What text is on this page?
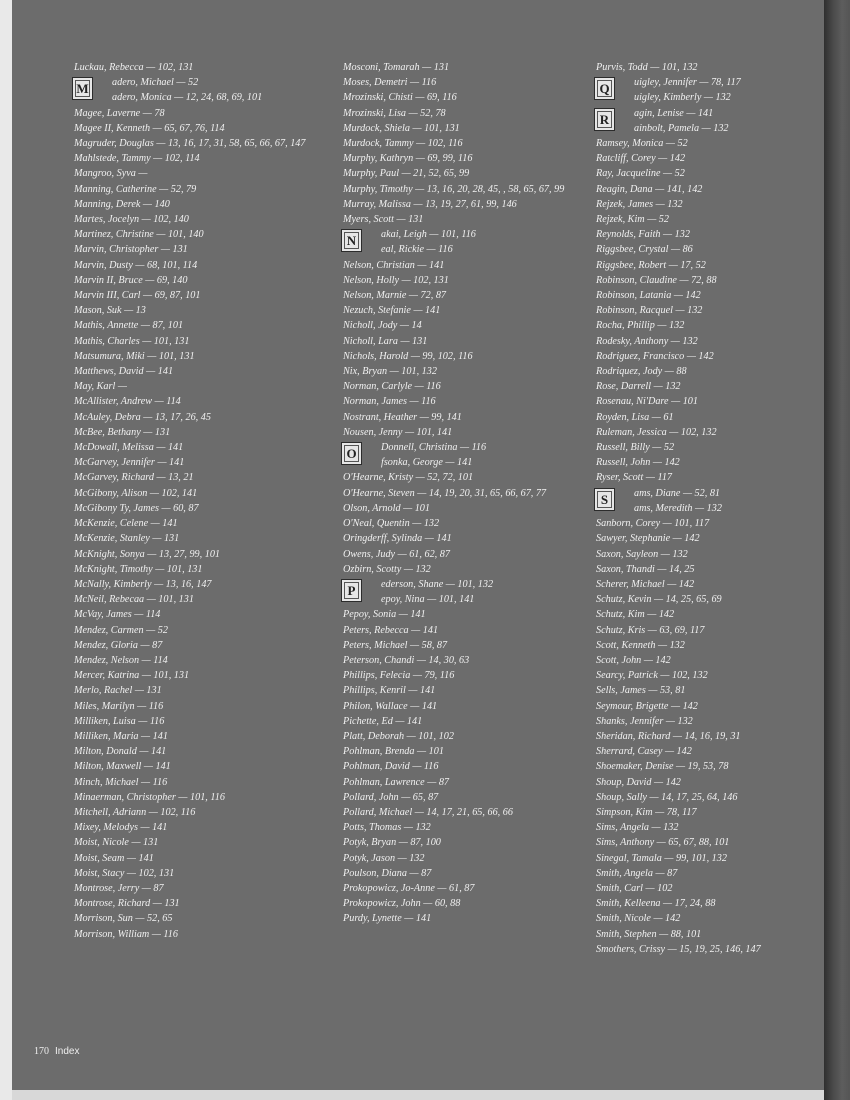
Luckau, Rebecca — 102, 131
M	adero, Michael — 52
adero, Monica — 12, 24, 68, 69, 101
Magee, Laverne — 78
Magee II, Kenneth — 65, 67, 76, 114
Magruder, Douglas — 13, 16, 17, 31, 58, 65, 66, 67, 147
Mahlstede, Tammy — 102, 114
Mangroo, Syva —
Manning, Catherine — 52, 79
Manning, Derek — 140
Martes, Jocelyn — 102, 140
Martinez, Christine — 101, 140
Marvin, Christopher — 131
Marvin, Dusty — 68, 101, 114
Marvin II, Bruce — 69, 140
Marvin III, Carl — 69, 87, 101
Mason, Suk — 13
Mathis, Annette — 87, 101
Mathis, Charles — 101, 131
Matsumura, Miki — 101, 131
Matthews, David — 141
May, Karl —
McAllister, Andrew — 114
McAuley, Debra — 13, 17, 26, 45
McBee, Bethany — 131
McDowall, Melissa — 141
McGarvey, Jennifer — 141
McGarvey, Richard — 13, 21
McGibony, Alison — 102, 141
McGibony Ty, James — 60, 87
McKenzie, Celene — 141
McKenzie, Stanley — 131
McKnight, Sonya — 13, 27, 99, 101
McKnight, Timothy — 101, 131
McNally, Kimberly — 13, 16, 147
McNeil, Rebecaa — 101, 131
McVay, James — 114
Mendez, Carmen — 52
Mendez, Gloria — 87
Mendez, Nelson — 114
Mercer, Katrina — 101, 131
Merlo, Rachel — 131
Miles, Marilyn — 116
Milliken, Luisa — 116
Milliken, Maria — 141
Milton, Donald — 141
Milton, Maxwell — 141
Minch, Michael — 116
Minaerman, Christopher — 101, 116
Mitchell, Adriann — 102, 116
Mixey, Melodys — 141
Moist, Nicole — 131
Moist, Seam — 141
Moist, Stacy — 102, 131
Montrose, Jerry — 87
Montrose, Richard — 131
Morrison, Sun — 52, 65
Morrison, William — 116
Mosconi, Tomarah — 131
Moses, Demetri — 116
Mrozinski, Chisti — 69, 116
Mrozinski, Lisa — 52, 78
Murdock, Shiela — 101, 131
Murdock, Tammy — 102, 116
Murphy, Kathryn — 69, 99, 116
Murphy, Paul — 21, 52, 65, 99
Murphy, Timothy — 13, 16, 20, 28, 45, , 58, 65, 67, 99
Murray, Malissa — 13, 19, 27, 61, 99, 146
Myers, Scott — 131
N	akai, Leigh — 101, 116
eal, Rickie — 116
Nelson, Christian — 141
Nelson, Holly — 102, 131
Nelson, Marnie — 72, 87
Nezuch, Stefanie — 141
Nicholl, Jody — 14
Nicholl, Lara — 131
Nichols, Harold — 99, 102, 116
Nix, Bryan — 101, 132
Norman, Carlyle — 116
Norman, James — 116
Nostrant, Heather — 99, 141
Nousen, Jenny — 101, 141
O	Donnell, Christina — 116
fsonka, George — 141
O'Hearne, Kristy — 52, 72, 101
O'Hearne, Steven — 14, 19, 20, 31, 65, 66, 67, 77
Olson, Arnold — 101
O'Neal, Quentin — 132
Oringderff, Sylinda — 141
Owens, Judy — 61, 62, 87
Ozbirn, Scotty — 132
P	ederson, Shane — 101, 132
epoy, Nina — 101, 141
Pepoy, Sonia — 141
Peters, Rebecca — 141
Peters, Michael — 58, 87
Peterson, Chandi — 14, 30, 63
Phillips, Felecia — 79, 116
Phillips, Kenril — 141
Philon, Wallace — 141
Pichette, Ed — 141
Platt, Deborah — 101, 102
Pohlman, Brenda — 101
Pohlman, David — 116
Pohlman, Lawrence — 87
Pollard, John — 65, 87
Pollard, Michael — 14, 17, 21, 65, 66, 66
Potts, Thomas — 132
Potyk, Bryan — 87, 100
Potyk, Jason — 132
Poulson, Diana — 87
Prokopowicz, Jo-Anne — 61, 87
Prokopowicz, John — 60, 88
Purdy, Lynette — 141
Purvis, Todd — 101, 132
Q	uigley, Jennifer — 78, 117
uigley, Kimberly — 132
R	agin, Lenise — 141
ainbolt, Pamela — 132
Ramsey, Monica — 52
Ratcliff, Corey — 142
Ray, Jacqueline — 52
Reagin, Dana — 141, 142
Rejzek, James — 132
Rejzek, Kim — 52
Reynolds, Faith — 132
Riggsbee, Crystal — 86
Riggsbee, Robert — 17, 52
Robinson, Claudine — 72, 88
Robinson, Latania — 142
Robinson, Racquel — 132
Rocha, Phillip — 132
Rodesky, Anthony — 132
Rodriguez, Francisco — 142
Rodriquez, Jody — 88
Rose, Darrell — 132
Rosenau, Ni'Dare — 101
Royden, Lisa — 61
Ruleman, Jessica — 102, 132
Russell, Billy — 52
Russell, John — 142
Ryser, Scott — 117
S	ams, Diane — 52, 81
ams, Meredith — 132
Sanborn, Corey — 101, 117
Sawyer, Stephanie — 142
Saxon, Sayleon — 132
Saxon, Thandi — 14, 25
Scherer, Michael — 142
Schutz, Kevin — 14, 25, 65, 69
Schutz, Kim — 142
Schutz, Kris — 63, 69, 117
Scott, Kenneth — 132
Scott, John — 142
Searcy, Patrick — 102, 132
Sells, James — 53, 81
Seymour, Brigette — 142
Shanks, Jennifer — 132
Sheridan, Richard — 14, 16, 19, 31
Sherrard, Casey — 142
Shoemaker, Denise — 19, 53, 78
Shoup, David — 142
Shoup, Sally — 14, 17, 25, 64, 146
Simpson, Kim — 78, 117
Sims, Angela — 132
Sims, Anthony — 65, 67, 88, 101
Sinegal, Tamala — 99, 101, 132
Smith, Angela — 87
Smith, Carl — 102
Smith, Kelleena — 17, 24, 88
Smith, Nicole — 142
Smith, Stephen — 88, 101
Smothers, Crissy — 15, 19, 25, 146, 147
170 Index
